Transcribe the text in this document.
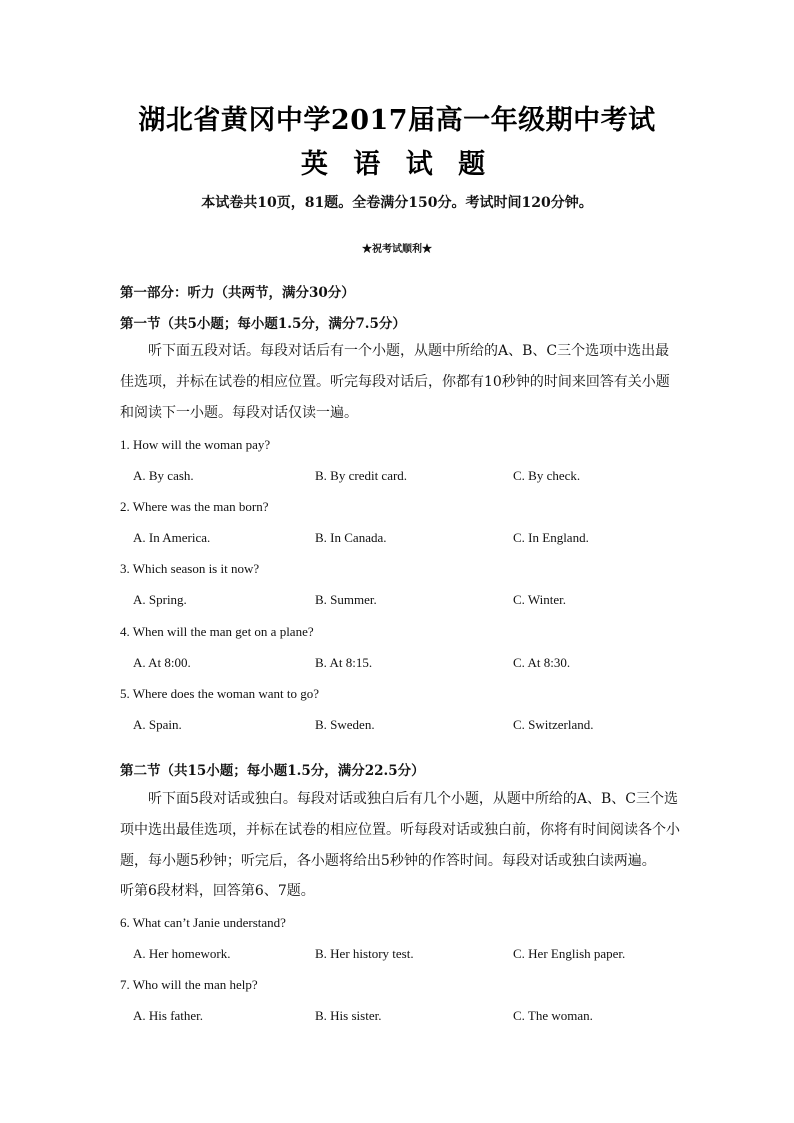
湖北省黄冈中学2017届高一年级期中考试
英 语 试 题
本试卷共10页，81题。全卷满分150分。考试时间120分钟。
★祝考试顺利★
第一部分：听力（共两节，满分30分）
第一节（共5小题；每小题1.5分，满分7.5分）
听下面五段对话。每段对话后有一个小题，从题中所给的A、B、C三个选项中选出最佳选项，并标在试卷的相应位置。听完每段对话后，你都有10秒钟的时间来回答有关小题和阅读下一小题。每段对话仅读一遍。
1. How will the woman pay?
A. By cash.	B. By credit card.	C. By check.
2. Where was the man born?
A. In America.	B. In Canada.	C. In England.
3. Which season is it now?
A. Spring.	B. Summer.	C. Winter.
4. When will the man get on a plane?
A. At 8:00.	B. At 8:15.	C. At 8:30.
5. Where does the woman want to go?
A. Spain.	B. Sweden.	C. Switzerland.
第二节（共15小题；每小题1.5分，满分22.5分）
听下面5段对话或独白。每段对话或独白后有几个小题，从题中所给的A、B、C三个选项中选出最佳选项，并标在试卷的相应位置。听每段对话或独白前，你将有时间阅读各个小题，每小题5秒钟；听完后，各小题将给出5秒钟的作答时间。每段对话或独白读两遍。
听第6段材料，回答第6、7题。
6. What can’t Janie understand?
A. Her homework.	B. Her history test.	C. Her English paper.
7. Who will the man help?
A. His father.	B. His sister.	C. The woman.
